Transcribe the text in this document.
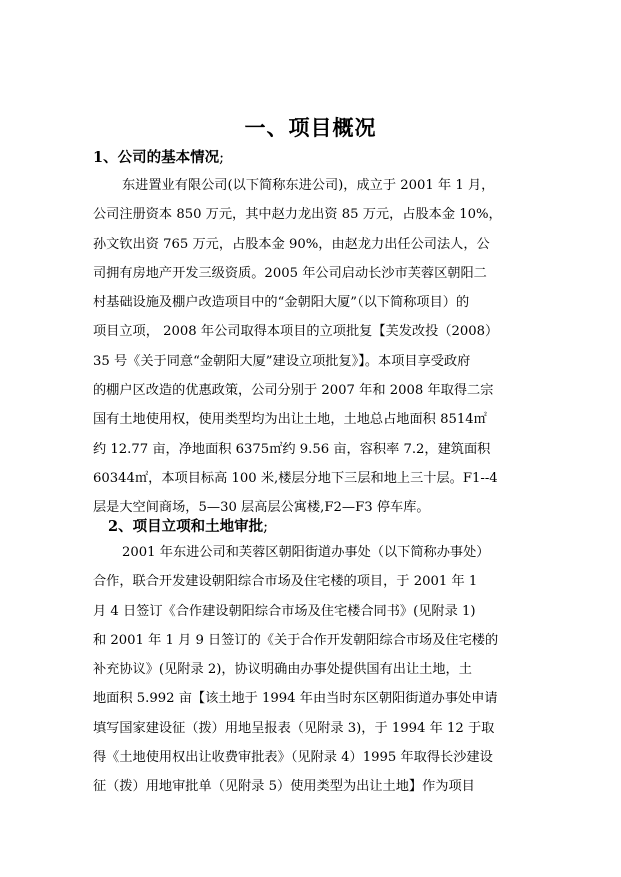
一、项目概况
1、公司的基本情况;
东进置业有限公司(以下简称东进公司)，成立于 2001 年 1 月，
公司注册资本 850 万元，其中赵力龙出资 85 万元，占股本金 10%，
孙文钦出资 765 万元，占股本金 90%，由赵龙力出任公司法人，公
司拥有房地产开发三级资质。2005 年公司启动长沙市芙蓉区朝阳二
村基础设施及棚户改造项目中的“金朝阳大厦”（以下简称项目）的
项目立项， 2008 年公司取得本项目的立项批复【芙发改投（2008）
35 号《关于同意“金朝阳大厦”建设立项批复》】。本项目享受政府
的棚户区改造的优惠政策，公司分别于 2007 年和 2008 年取得二宗
国有土地使用权，使用类型均为出让土地，土地总占地面积 8514㎡
约 12.77 亩，净地面积 6375㎡约 9.56 亩，容积率 7.2，建筑面积
60344㎡，本项目标高 100 米,楼层分地下三层和地上三十层。F1--4
层是大空间商场，5—30 层高层公寓楼,F2—F3 停车库。
2、项目立项和土地审批;
2001 年东进公司和芙蓉区朝阳街道办事处（以下简称办事处）
合作，联合开发建设朝阳综合市场及住宅楼的项目，于 2001 年 1
月 4 日签订《合作建设朝阳综合市场及住宅楼合同书》(见附录 1)
和 2001 年 1 月 9 日签订的《关于合作开发朝阳综合市场及住宅楼的
补充协议》(见附录 2)，协议明确由办事处提供国有出让土地，土
地面积 5.992 亩【该土地于 1994 年由当时东区朝阳街道办事处申请
填写国家建设征（拨）用地呈报表（见附录 3)，于 1994 年 12 于取
得《土地使用权出让收费审批表》（见附录 4）1995 年取得长沙建设
征（拨）用地审批单（见附录 5）使用类型为出让土地】作为项目
